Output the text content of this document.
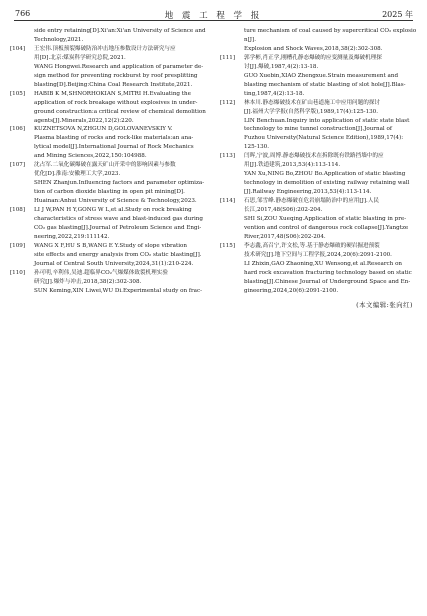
766	地 震 工 程 学 报	2025 年
side entry retaining[D].Xi'an:Xi'an University of Science and
Technology,2021.
[104]	王宏伟.顶板预裂爆破防治冲击地压参数设计方法研究与应
用[D].北京:煤炭科学研究总院,2021.
WANG Hongwei.Research and application of parameter de-
sign method for preventing rockburst by roof presplitting
blasting[D].Beijing:China Coal Research Institute,2021.
[105]	HABIB K M,SHNORHOKIAN S,MITRI H.Evaluating the
application of rock breakage without explosives in under-
ground construction:a critical review of chemical demolition
agents[J].Minerals,2022,12(2):220.
[106]	KUZNETSOVA N,ZHGUN D,GOLOVANEVSKIY V.
Plasma blasting of rocks and rock-like materials:an ana-
lytical model[J].International Journal of Rock Mechanics
and Mining Sciences,2022,150:104988.
[107]	沈占军.二氧化碳爆破在露天矿山开采中的影响因素与参数
优化[D].淮南:安徽理工大学,2023.
SHEN Zhanjun.Influencing factors and parameter optimiza-
tion of carbon dioxide blasting in open pit mining[D].
Huainan:Anhui University of Science & Technology,2023.
[108]	LI J W,PAN H Y,GONG W L,et al.Study on rock breaking
characteristics of stress wave and blast-induced gas during
CO₂ gas blasting[J].Journal of Petroleum Science and Engi-
neering,2022,219:111142.
[109]	WANG X F,HU S B,WANG E Y.Study of slope vibration
site effects and energy analysis from CO₂ static blasting[J].
Journal of Central South University,2024,31(1):210-224.
[110]	孙可明,辛利伟,吴迪.超临界CO₂气爆煤体致裂机理实验
研究[J].爆炸与冲击,2018,38(2):302-308.
SUN Keming,XIN Liwei,WU Di.Experimental study on frac-
ture mechanism of coal caused by supercritical CO₂ explosion[J].
Explosion and Shock Waves,2018,38(2):302-308.
[111]	郭学彬,肖正学,刚槽孔静态爆破的应变测量及爆破机理探
讨[J].爆破,1987,4(2):13-18.
GUO Xuebin,XIAO Zhengxue.Strain measurement and
blasting mechanism of static blasting of slot hole[J].Blas-
ting,1987,4(2):13-18.
[112]	林本川.静态爆破技术在矿山巷道施工中应用问题的探讨
[J].福州大学学报(自然科学版),1989,17(4):125-130.
LIN Benchuan.Inquiry into application of static state blast
technology to mine tunnel construction[J].Journal of
Fuzhou University(Natural Science Edition),1989,17(4):
125-130.
[113]	闫晖,宁波,周博.静态爆破技术在拆除既有铁路挡墙中的应
用[J].铁道建筑,2013,53(4):113-114.
YAN Xu,NING Bo,ZHOU Bo.Application of static blasting
technology in demolition of existing railway retaining wall
[J].Railway Engineering,2013,53(4):113-114.
[114]	石思,邹雪峰.静态爆破在危岩崩塌防治中的应用[J].人民
长江,2017,48(S06):202-204.
SHI Si,ZOU Xueqing.Application of static blasting in pre-
vention and control of dangerous rock collapse[J].Yangtze
River,2017,48(S06):202-204.
[115]	李志鑫,高召宁,许文松,等.基于静态爆破的硬岩掘进预裂
技术研究[J].地下空间与工程学报,2024,20(6):2091-2100.
LI Zhixin,GAO Zhaoning,XU Wensong,et al.Research on
hard rock excavation fracturing technology based on static
blasting[J].Chinese Journal of Underground Space and En-
gineering,2024,20(6):2091-2100.
(本文编辑:张向红)
